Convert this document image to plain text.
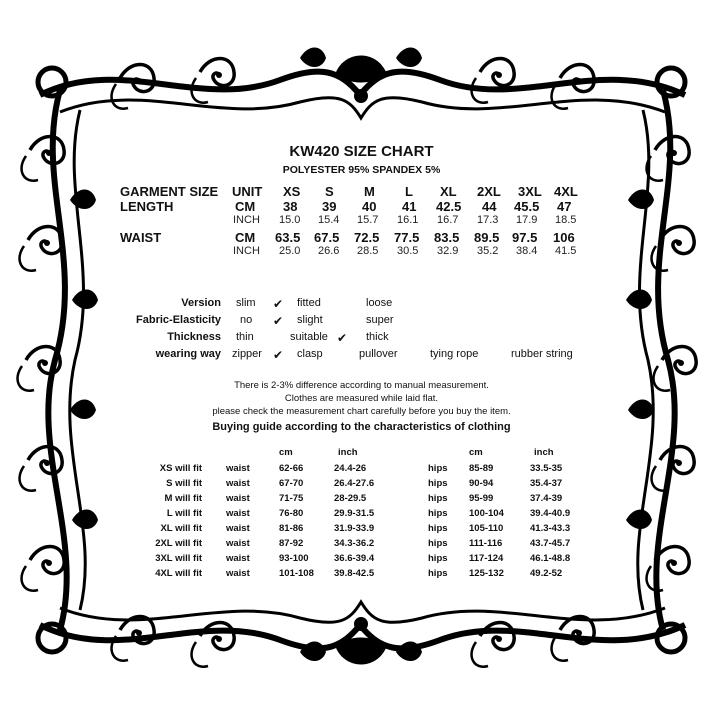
KW420 SIZE CHART
POLYESTER 95% SPANDEX 5%
GARMENT SIZE UNIT XS S M L XL 2XL 3XL 4XL
LENGTH	CM 38 39 40 41 42.5 44 45.5 47
INCH 15.0 15.4 15.7 16.1 16.7 17.3 17.9 18.5
WAIST	CM 63.5 67.5 72.5 77.5 83.5 89.5 97.5 106
INCH 25.0 26.6 28.5 30.5 32.9 35.2 38.4 41.5
Version slim ✔ fitted	loose
Fabric-Elasticity no ✔ slight	super
Thickness thin	suitable ✔ thick
wearing way zipper ✔ clasp	pullover	tying rope	rubber string
There is 2-3% difference according to manual measurement.
Clothes are measured while laid flat.
please check the measurement chart carefully before you buy the item.
Buying guide according to the characteristics of clothing
cm	inch	cm	inch
XS will fit	waist	62-66	24.4-26	hips 85-89	33.5-35
S will fit	waist	67-70	26.4-27.6	hips 90-94	35.4-37
M will fit	waist	71-75	28-29.5	hips 95-99	37.4-39
L will fit	waist	76-80	29.9-31.5	hips 100-104	39.4-40.9
XL will fit	waist	81-86	31.9-33.9	hips 105-110	41.3-43.3
2XL will fit	waist	87-92	34.3-36.2	hips 111-116	43.7-45.7
3XL will fit	waist	93-100	36.6-39.4	hips 117-124	46.1-48.8
4XL will fit	waist	101-108 39.8-42.5	hips 125-132	49.2-52
